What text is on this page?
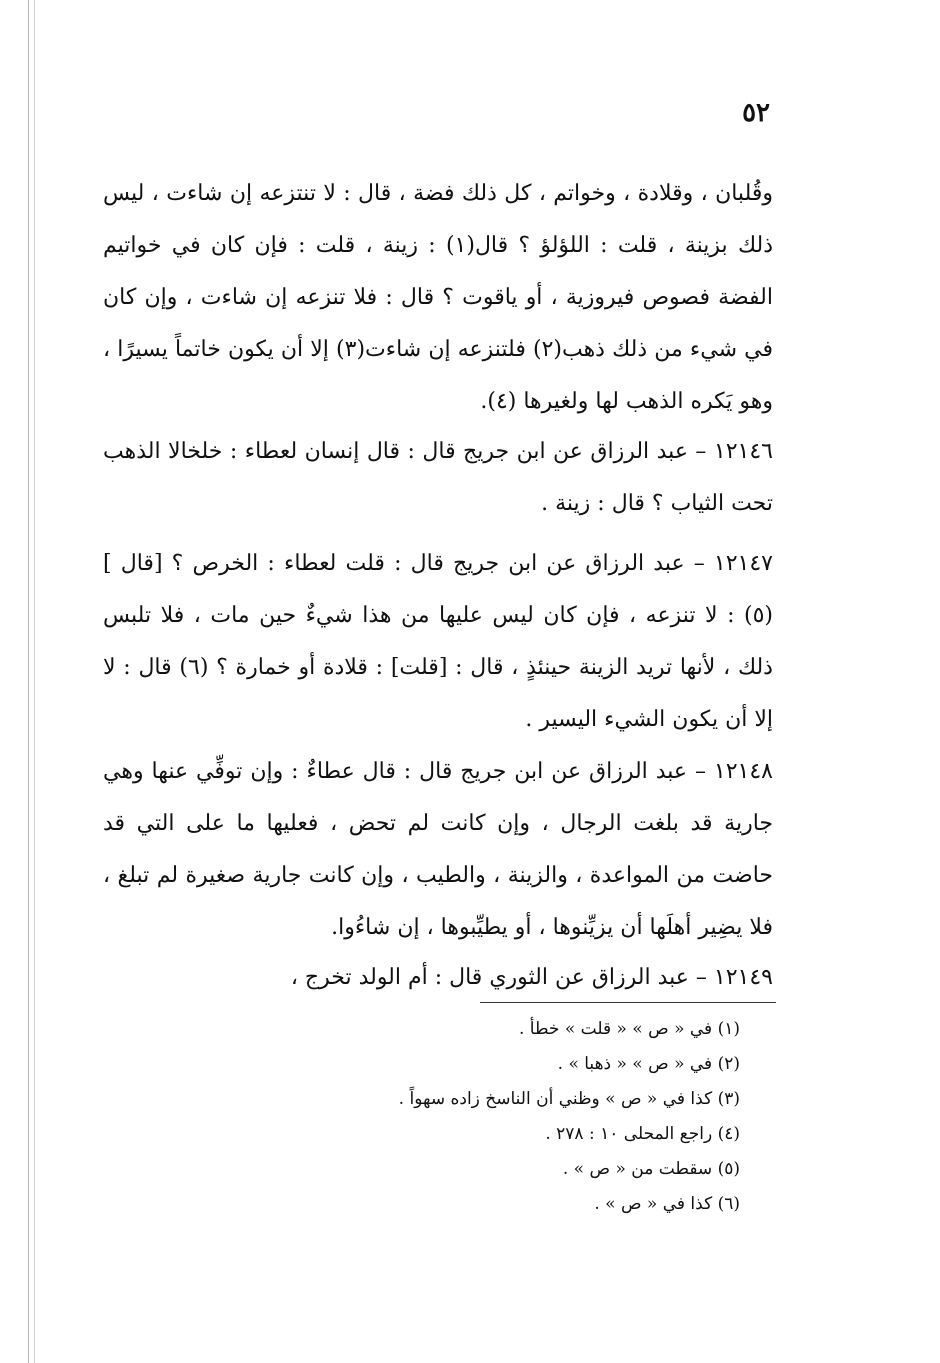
٥٢

وقُلبان ، وقلادة ، وخواتم ، كل ذلك فضة ، قال : لا تنتزعه إن شاءت ، ليس ذلك بزينة ، قلت : اللؤلؤ ؟ قال(١) : زينة ، قلت : فإن كان في خواتيم الفضة فصوص فيروزية ، أو ياقوت ؟ قال : فلا تنزعه إن شاءت ، وإن كان في شيء من ذلك ذهب(٢) فلتنزعه إن شاءت(٣) إلا أن يكون خاتماً يسيرًا ، وهو يَكره الذهب لها ولغيرها (٤).

١٢١٤٦ – عبد الرزاق عن ابن جريج قال : قال إنسان لعطاء : خلخالا الذهب تحت الثياب ؟ قال : زينة .

١٢١٤٧ – عبد الرزاق عن ابن جريج قال : قلت لعطاء : الخرص ؟ [قال ] (٥) : لا تنزعه ، فإن كان ليس عليها من هذا شيءٌ حين مات ، فلا تلبس ذلك ، لأنها تريد الزينة حينئذٍ ، قال : [قلت] : قلادة أو خمارة ؟ (٦) قال : لا إلا أن يكون الشيء اليسير .

١٢١٤٨ – عبد الرزاق عن ابن جريج قال : قال عطاءٌ : وإن توفِّي عنها وهي جارية قد بلغت الرجال ، وإن كانت لم تحض ، فعليها ما على التي قد حاضت من المواعدة ، والزينة ، والطيب ، وإن كانت جارية صغيرة لم تبلغ ، فلا يضِير أهلَها أن يزيِّنوها ، أو يطيِّبوها ، إن شاءُوا.

١٢١٤٩ – عبد الرزاق عن الثوري قال : أم الولد تخرج ،

(١) في « ص » « قلت » خطأ .
(٢) في « ص » « ذهبا » .
(٣) كذا في « ص » وظني أن الناسخ زاده سهواً .
(٤) راجع المحلى ١٠ : ٢٧٨ .
(٥) سقطت من « ص » .
(٦) كذا في « ص » .
